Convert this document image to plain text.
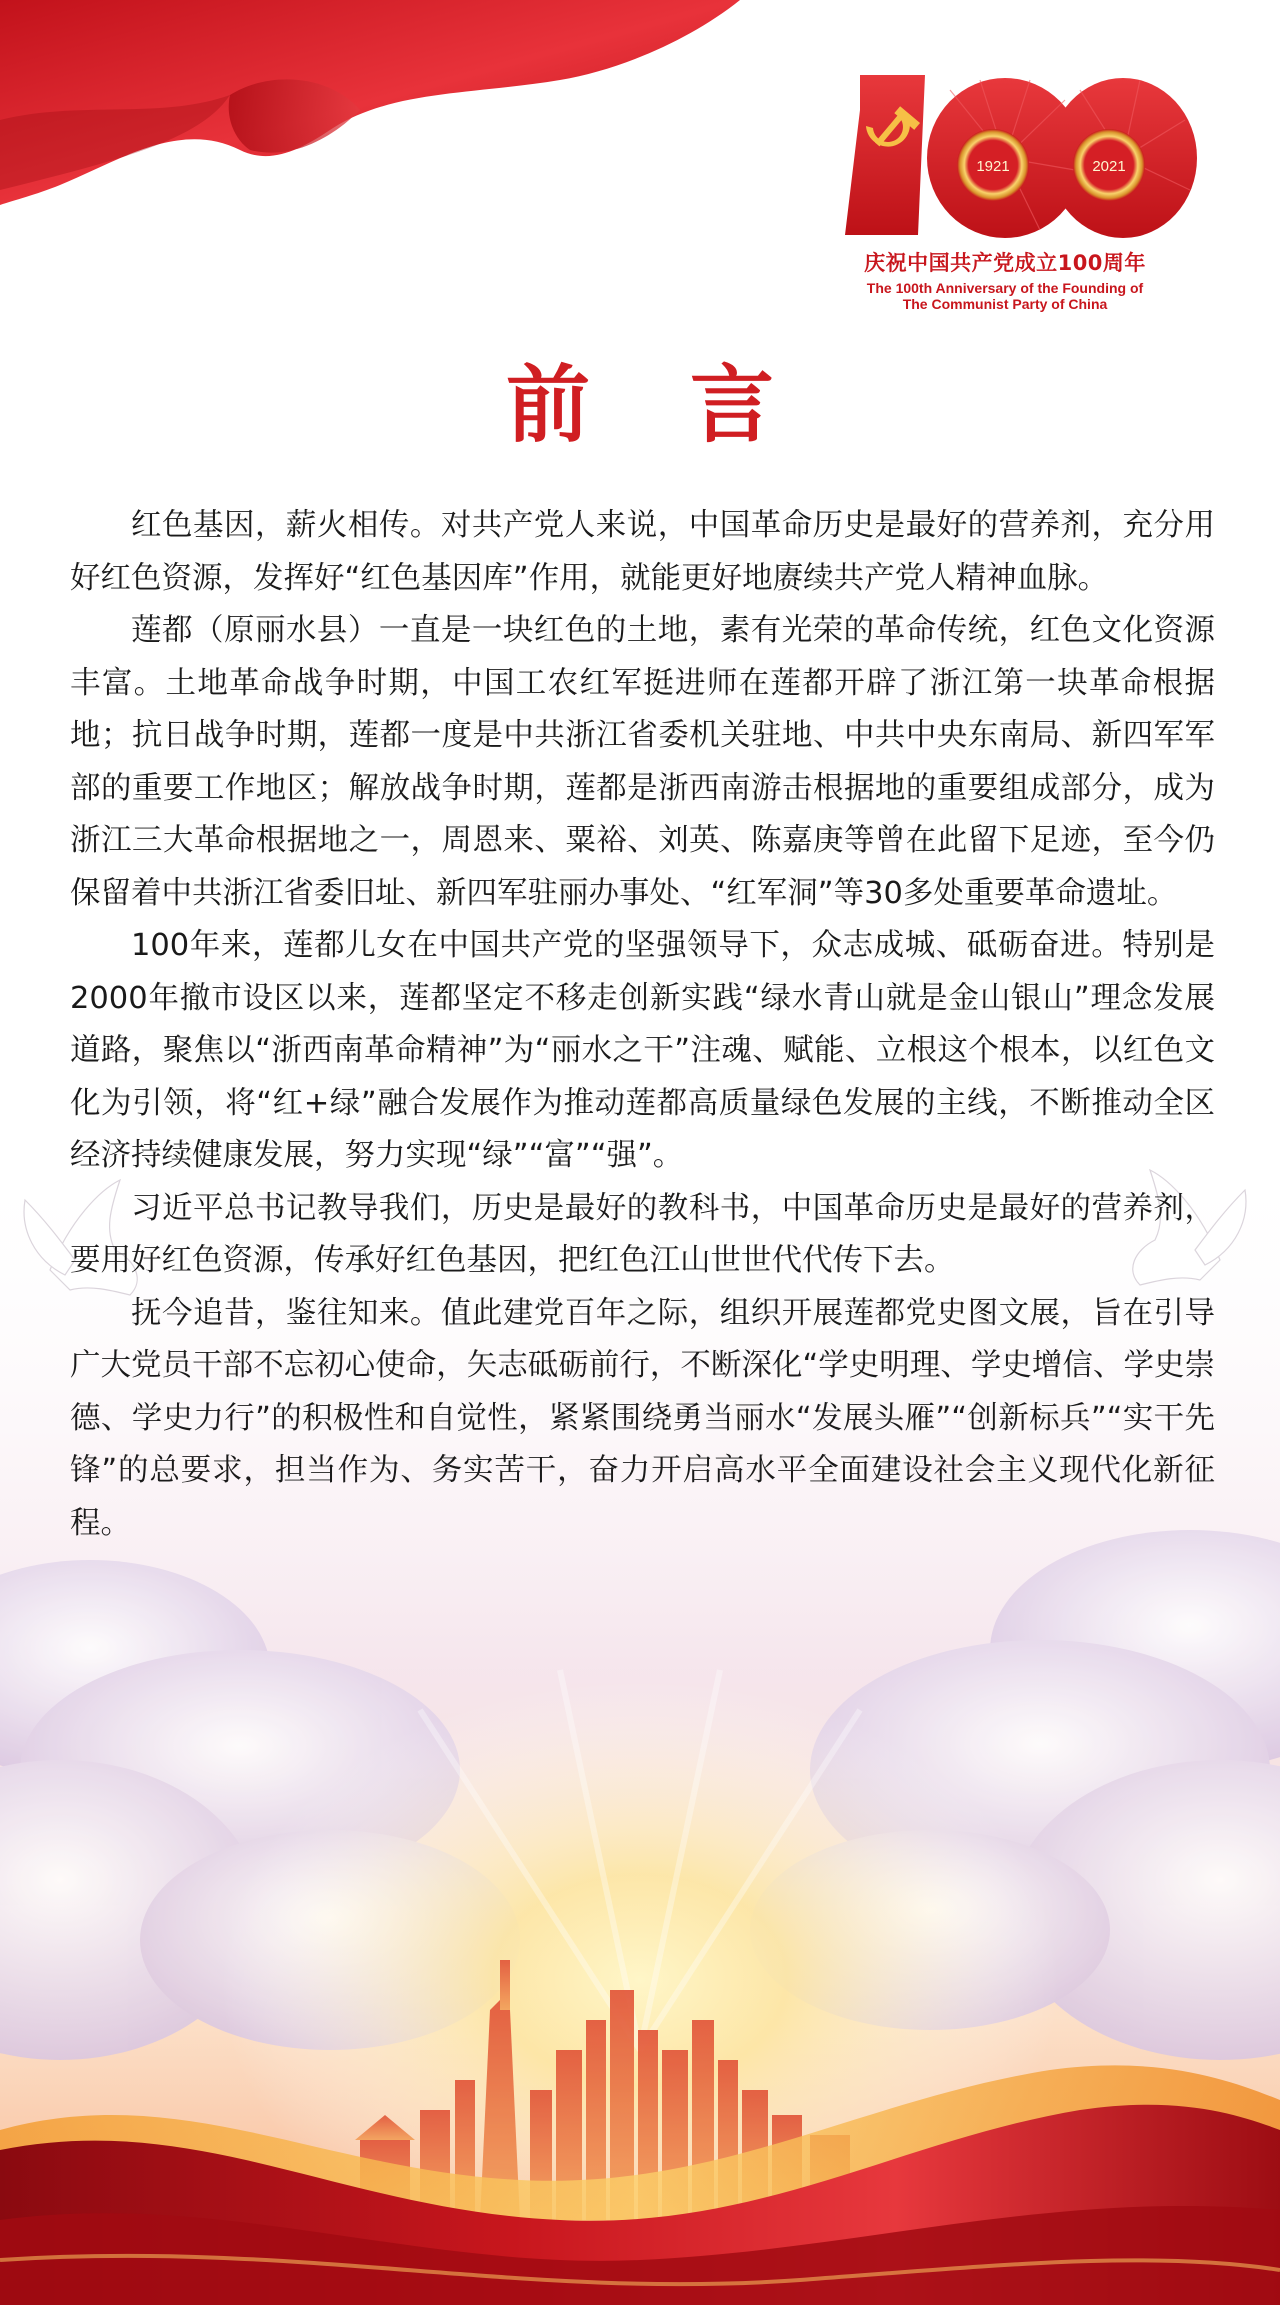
1921	2021
庆祝中国共产党成立100周年
The 100th Anniversary of the Founding of
The Communist Party of China
前言

红色基因，薪火相传。对共产党人来说，中国革命历史是最好的营养剂，充分用好红色资源，发挥好“红色基因库”作用，就能更好地赓续共产党人精神血脉。

莲都（原丽水县）一直是一块红色的土地，素有光荣的革命传统，红色文化资源丰富。土地革命战争时期，中国工农红军挺进师在莲都开辟了浙江第一块革命根据地；抗日战争时期，莲都一度是中共浙江省委机关驻地、中共中央东南局、新四军军部的重要工作地区；解放战争时期，莲都是浙西南游击根据地的重要组成部分，成为浙江三大革命根据地之一，周恩来、粟裕、刘英、陈嘉庚等曾在此留下足迹，至今仍保留着中共浙江省委旧址、新四军驻丽办事处、“红军洞”等30多处重要革命遗址。

100年来，莲都儿女在中国共产党的坚强领导下，众志成城、砥砺奋进。特别是2000年撤市设区以来，莲都坚定不移走创新实践“绿水青山就是金山银山”理念发展道路，聚焦以“浙西南革命精神”为“丽水之干”注魂、赋能、立根这个根本，以红色文化为引领，将“红+绿”融合发展作为推动莲都高质量绿色发展的主线，不断推动全区经济持续健康发展，努力实现“绿”“富”“强”。

习近平总书记教导我们，历史是最好的教科书，中国革命历史是最好的营养剂，要用好红色资源，传承好红色基因，把红色江山世世代代传下去。

抚今追昔，鉴往知来。值此建党百年之际，组织开展莲都党史图文展，旨在引导广大党员干部不忘初心使命，矢志砥砺前行，不断深化“学史明理、学史增信、学史崇德、学史力行”的积极性和自觉性，紧紧围绕勇当丽水“发展头雁”“创新标兵”“实干先锋”的总要求，担当作为、务实苦干，奋力开启高水平全面建设社会主义现代化新征程。
